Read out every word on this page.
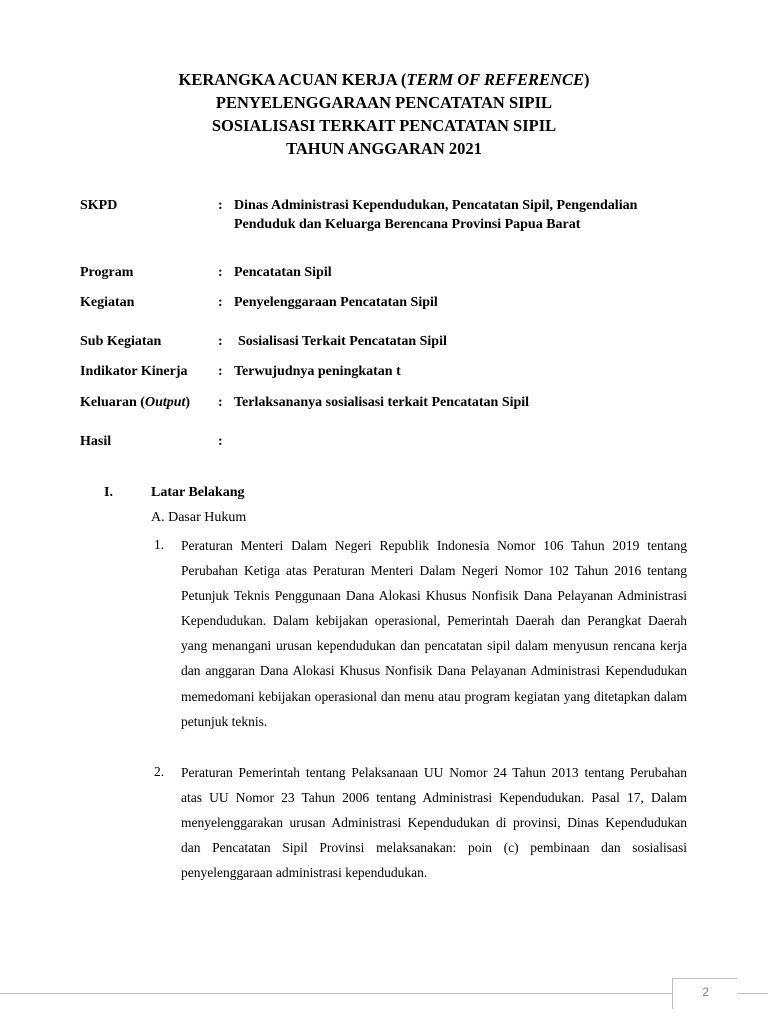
KERANGKA ACUAN KERJA (TERM OF REFERENCE)
PENYELENGGARAAN PENCATATAN SIPIL
SOSIALISASI TERKAIT PENCATATAN SIPIL
TAHUN ANGGARAN 2021
SKPD	: Dinas Administrasi Kependudukan, Pencatatan Sipil, Pengendalian Penduduk dan Keluarga Berencana Provinsi Papua Barat
Program	: Pencatatan Sipil
Kegiatan	: Penyelenggaraan Pencatatan Sipil
Sub Kegiatan	: Sosialisasi Terkait Pencatatan Sipil
Indikator Kinerja : Terwujudnya peningkatan t
Keluaran (Output) : Terlaksananya sosialisasi terkait Pencatatan Sipil
Hasil	:
I.	Latar Belakang
A. Dasar Hukum
1. Peraturan Menteri Dalam Negeri Republik Indonesia Nomor 106 Tahun 2019 tentang Perubahan Ketiga atas Peraturan Menteri Dalam Negeri Nomor 102 Tahun 2016 tentang Petunjuk Teknis Penggunaan Dana Alokasi Khusus Nonfisik Dana Pelayanan Administrasi Kependudukan. Dalam kebijakan operasional, Pemerintah Daerah dan Perangkat Daerah yang menangani urusan kependudukan dan pencatatan sipil dalam menyusun rencana kerja dan anggaran Dana Alokasi Khusus Nonfisik Dana Pelayanan Administrasi Kependudukan memedomani kebijakan operasional dan menu atau program kegiatan yang ditetapkan dalam petunjuk teknis.
2. Peraturan Pemerintah tentang Pelaksanaan UU Nomor 24 Tahun 2013 tentang Perubahan atas UU Nomor 23 Tahun 2006 tentang Administrasi Kependudukan. Pasal 17, Dalam menyelenggarakan urusan Administrasi Kependudukan di provinsi, Dinas Kependudukan dan Pencatatan Sipil Provinsi melaksanakan: poin (c) pembinaan dan sosialisasi penyelenggaraan administrasi kependudukan.
2
